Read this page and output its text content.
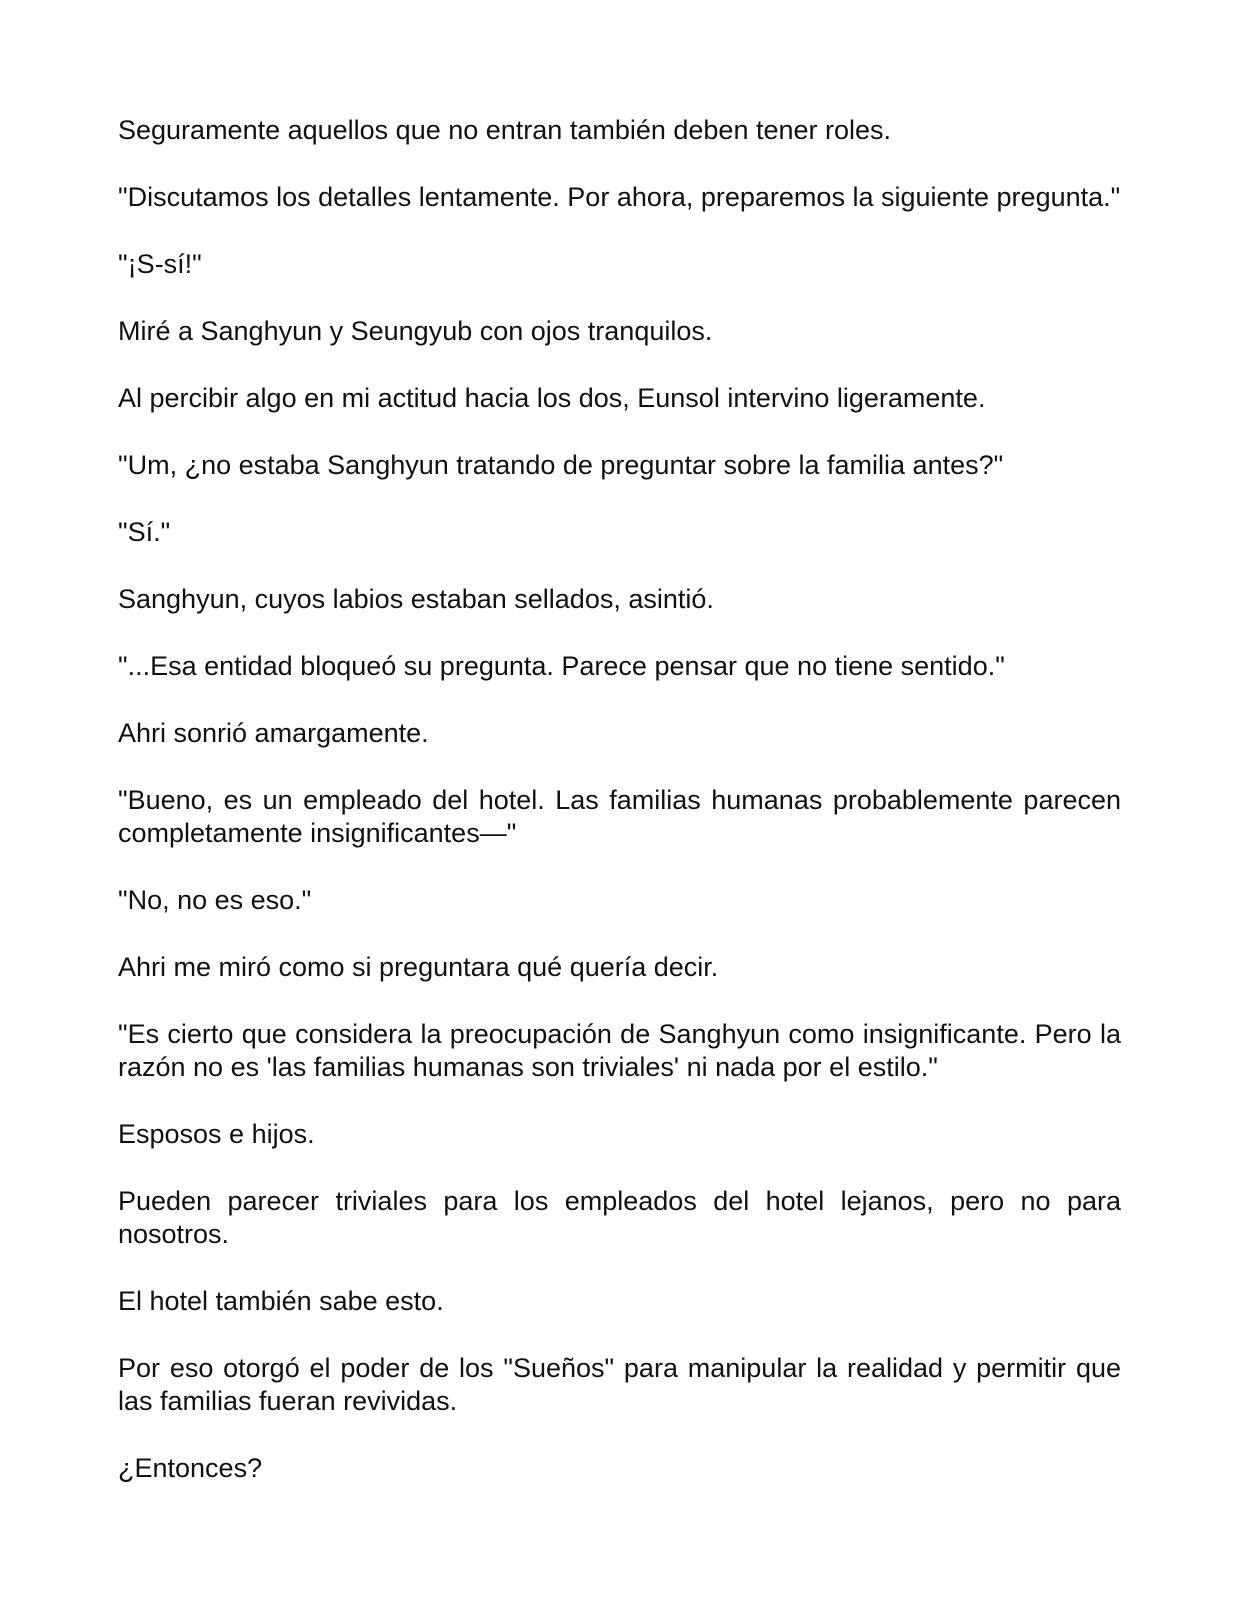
Seguramente aquellos que no entran también deben tener roles.

"Discutamos los detalles lentamente. Por ahora, preparemos la siguiente pregunta."

"¡S-sí!"

Miré a Sanghyun y Seungyub con ojos tranquilos.

Al percibir algo en mi actitud hacia los dos, Eunsol intervino ligeramente.

"Um, ¿no estaba Sanghyun tratando de preguntar sobre la familia antes?"

"Sí."

Sanghyun, cuyos labios estaban sellados, asintió.

"...Esa entidad bloqueó su pregunta. Parece pensar que no tiene sentido."

Ahri sonrió amargamente.

"Bueno, es un empleado del hotel. Las familias humanas probablemente parecen completamente insignificantes—"

"No, no es eso."

Ahri me miró como si preguntara qué quería decir.

"Es cierto que considera la preocupación de Sanghyun como insignificante. Pero la razón no es 'las familias humanas son triviales' ni nada por el estilo."

Esposos e hijos.

Pueden parecer triviales para los empleados del hotel lejanos, pero no para nosotros.

El hotel también sabe esto.

Por eso otorgó el poder de los "Sueños" para manipular la realidad y permitir que las familias fueran revividas.

¿Entonces?
